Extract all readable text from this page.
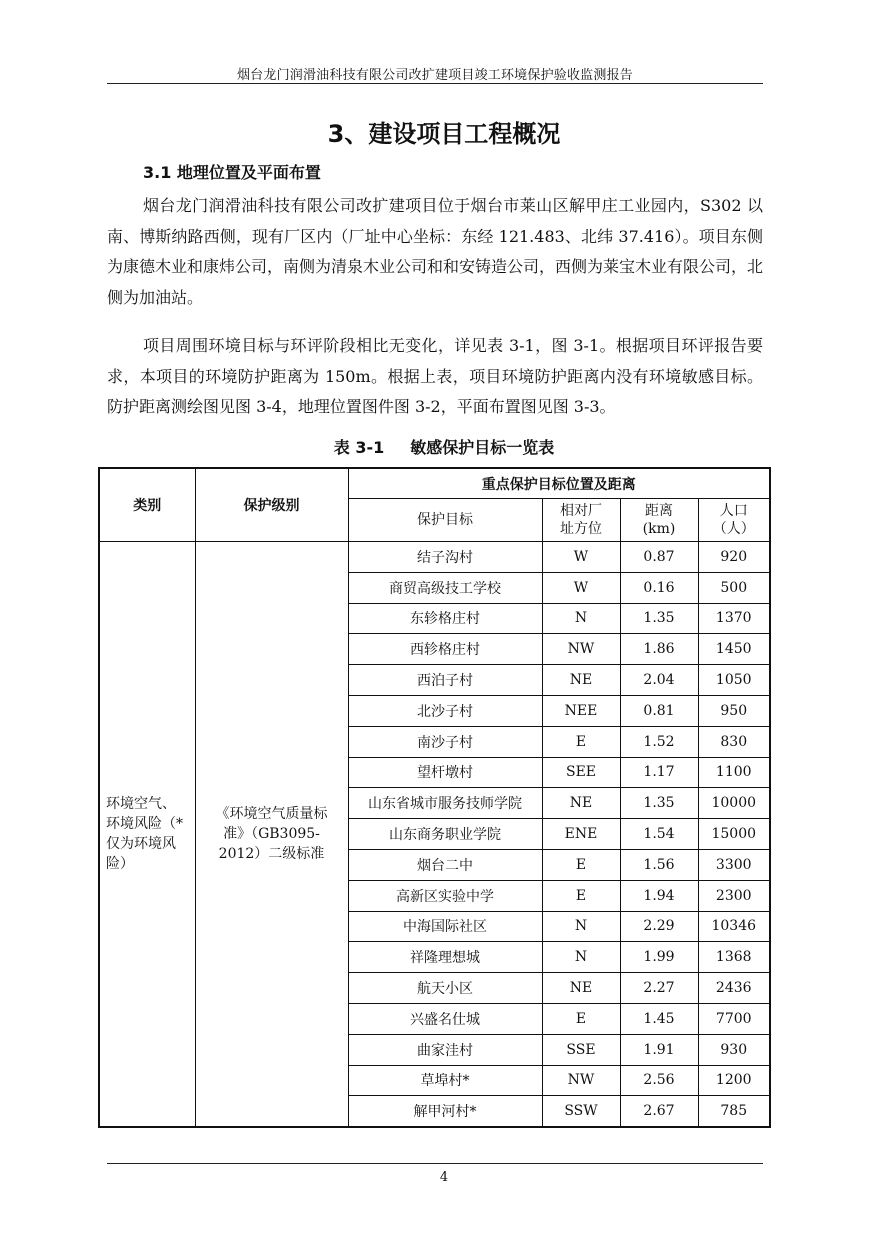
烟台龙门润滑油科技有限公司改扩建项目竣工环境保护验收监测报告
3、建设项目工程概况
3.1 地理位置及平面布置

烟台龙门润滑油科技有限公司改扩建项目位于烟台市莱山区解甲庄工业园内，S302 以南、博斯纳路西侧，现有厂区内（厂址中心坐标：东经 121.483、北纬 37.416）。项目东侧为康德木业和康炜公司，南侧为清泉木业公司和和安铸造公司，西侧为莱宝木业有限公司，北侧为加油站。

项目周围环境目标与环评阶段相比无变化，详见表 3-1，图 3-1。根据项目环评报告要求，本项目的环境防护距离为 150m。根据上表，项目环境防护距离内没有环境敏感目标。防护距离测绘图见图 3-4，地理位置图件图 3-2，平面布置图见图 3-3。

表 3-1 敏感保护目标一览表
类别	保护级别	重点保护目标位置及距离			
		保护目标	相对厂址方位	距离(km)	人口（人）

环境空气、环境风险（*仅为环境风险）	《环境空气质量标准》（GB3095-2012）二级标准	结子沟村	W	0.87	920
		商贸高级技工学校	W	0.16	500
		东轸格庄村	N	1.35	1370
		西轸格庄村	NW	1.86	1450
		西泊子村	NE	2.04	1050
		北沙子村	NEE	0.81	950
		南沙子村	E	1.52	830
		望杆墩村	SEE	1.17	1100
		山东省城市服务技师学院	NE	1.35	10000
		山东商务职业学院	ENE	1.54	15000
		烟台二中	E	1.56	3300
		高新区实验中学	E	1.94	2300
		中海国际社区	N	2.29	10346
		祥隆理想城	N	1.99	1368
		航天小区	NE	2.27	2436
		兴盛名仕城	E	1.45	7700
		曲家洼村	SSE	1.91	930
		草埠村*	NW	2.56	1200
		解甲河村*	SSW	2.67	785
4
